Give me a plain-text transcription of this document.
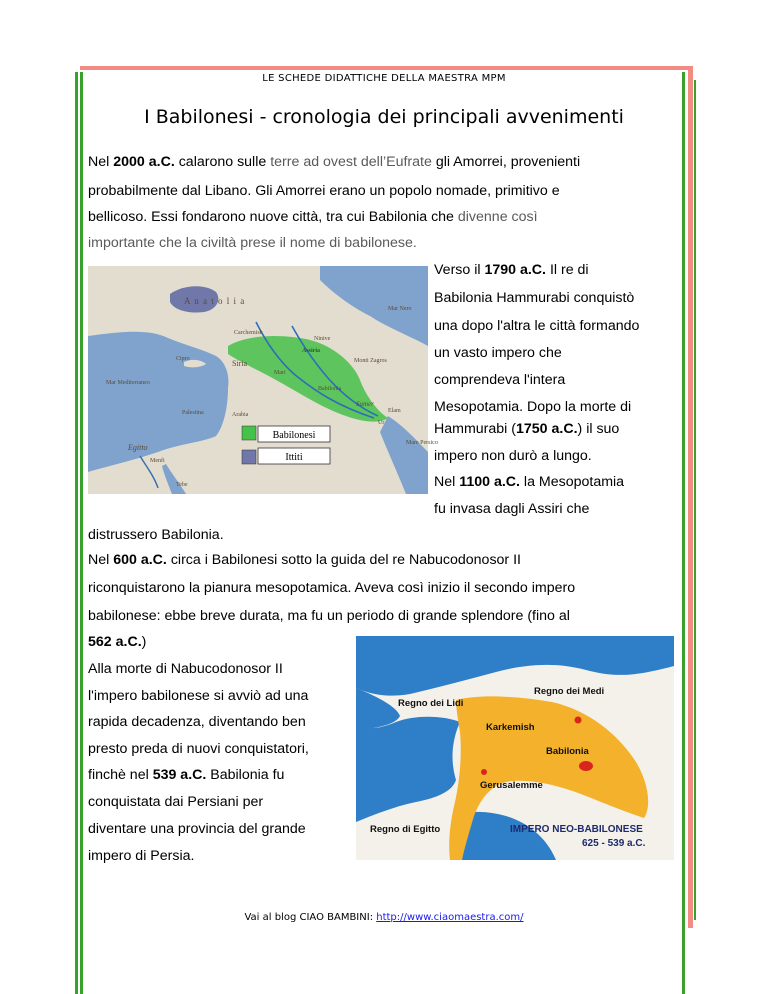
LE SCHEDE DIDATTICHE DELLA MAESTRA MPM
I Babilonesi - cronologia dei principali avvenimenti
Nel 2000 a.C. calarono sulle terre ad ovest dell’Eufrate gli Amorrei, provenienti
probabilmente dal Libano. Gli Amorrei erano un popolo nomade, primitivo e
bellicoso. Essi fondarono nuove città, tra cui Babilonia che divenne così
importante che la civiltà prese il nome di babilonese.
A n a t o l i a
Mar Nero
Assiria
Monti Zagros
Siria
Cipro
Mar Mediterraneo
Palestina	Arabia
Egitto
Elam
Sumer
Babilonia
Mare Persico
Carchemish
Ninive
Mari
Ur
Menfi
Tebe
Babilonesi
Ittiti
Verso il 1790 a.C. Il re di
Babilonia Hammurabi conquistò
una dopo l'altra le città formando
un vasto impero che
comprendeva l'intera
Mesopotamia. Dopo la morte di
Hammurabi (1750 a.C.) il suo
impero non durò a lungo.
Nel 1100 a.C. la Mesopotamia
fu invasa dagli Assiri che
distrussero Babilonia.
Nel 600 a.C. circa i Babilonesi sotto la guida del re Nabucodonosor II
riconquistarono la pianura mesopotamica. Aveva così inizio il secondo impero
babilonese: ebbe breve durata, ma fu un periodo di grande splendore (fino al
562 a.C.)
Alla morte di Nabucodonosor II
l'impero babilonese si avviò ad una
rapida decadenza, diventando ben
presto preda di nuovi conquistatori,
finchè nel 539 a.C. Babilonia fu
conquistata dai Persiani per
diventare una provincia del grande
impero di Persia.
Regno dei Lidi
Regno dei Medi
Karkemish
Babilonia
Gerusalemme
Regno di Egitto	IMPERO NEO-BABILONESE
625 - 539 a.C.
Vai al blog CIAO BAMBINI: http://www.ciaomaestra.com/
